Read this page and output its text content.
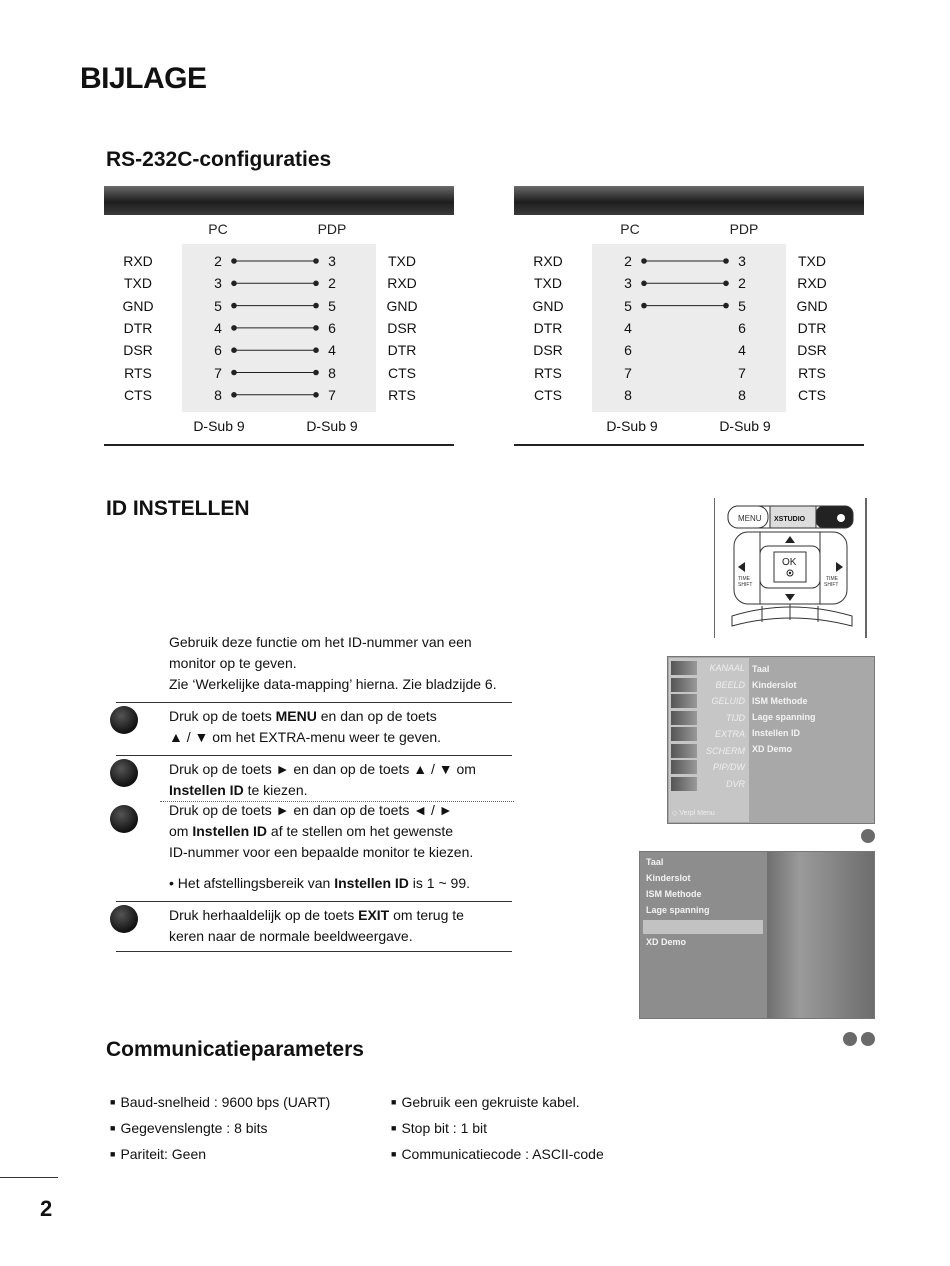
BIJLAGE
RS-232C-configuraties
PC	PDP
RXD	2	3	TXD
TXD	3	2	RXD
GND	5	5	GND
DTR	4	6	DSR
DSR	6	4	DTR
RTS	7	8	CTS
CTS	8	7	RTS
D-Sub 9	D-Sub 9
PC	PDP
RXD	2	3	TXD
TXD	3	2	RXD
GND	5	5	GND
DTR	4	6	DTR
DSR	6	4	DSR
RTS	7	7	RTS
CTS	8	8	CTS
D-Sub 9	D-Sub 9
ID INSTELLEN
Gebruik deze functie om het ID-nummer van een
monitor op te geven.
Zie ‘Werkelijke data-mapping’ hierna. Zie bladzijde 6.
Druk op de toets MENU en dan op de toets
▲ / ▼ om het EXTRA-menu weer te geven.
Druk op de toets ► en dan op de toets ▲ / ▼ om
Instellen ID te kiezen.
Druk op de toets ► en dan op de toets ◄ / ►
om Instellen ID af te stellen om het gewenste
ID-nummer voor een bepaalde monitor te kiezen.
• Het afstellingsbereik van Instellen ID is 1 ~ 99.
Druk herhaaldelijk op de toets EXIT om terug te
keren naar de normale beeldweergave.
MENU XSTUDIO
OK
TIME
SHIFT
TIME
SHIFT
KANAAL
BEELD
GELUID
TIJD
EXTRA
SCHERM
PIP/DW
DVR
Taal
Kinderslot
ISM Methode
Lage spanning
Instellen ID
XD Demo
◇ Verpl Menu
Taal
Kinderslot
ISM Methode
Lage spanning
XD Demo
Communicatieparameters
■ Baud-snelheid : 9600 bps (UART)
■ Gegevenslengte : 8 bits
■ Pariteit: Geen
■ Gebruik een gekruiste kabel.
■ Stop bit : 1 bit
■ Communicatiecode : ASCII-code
2
